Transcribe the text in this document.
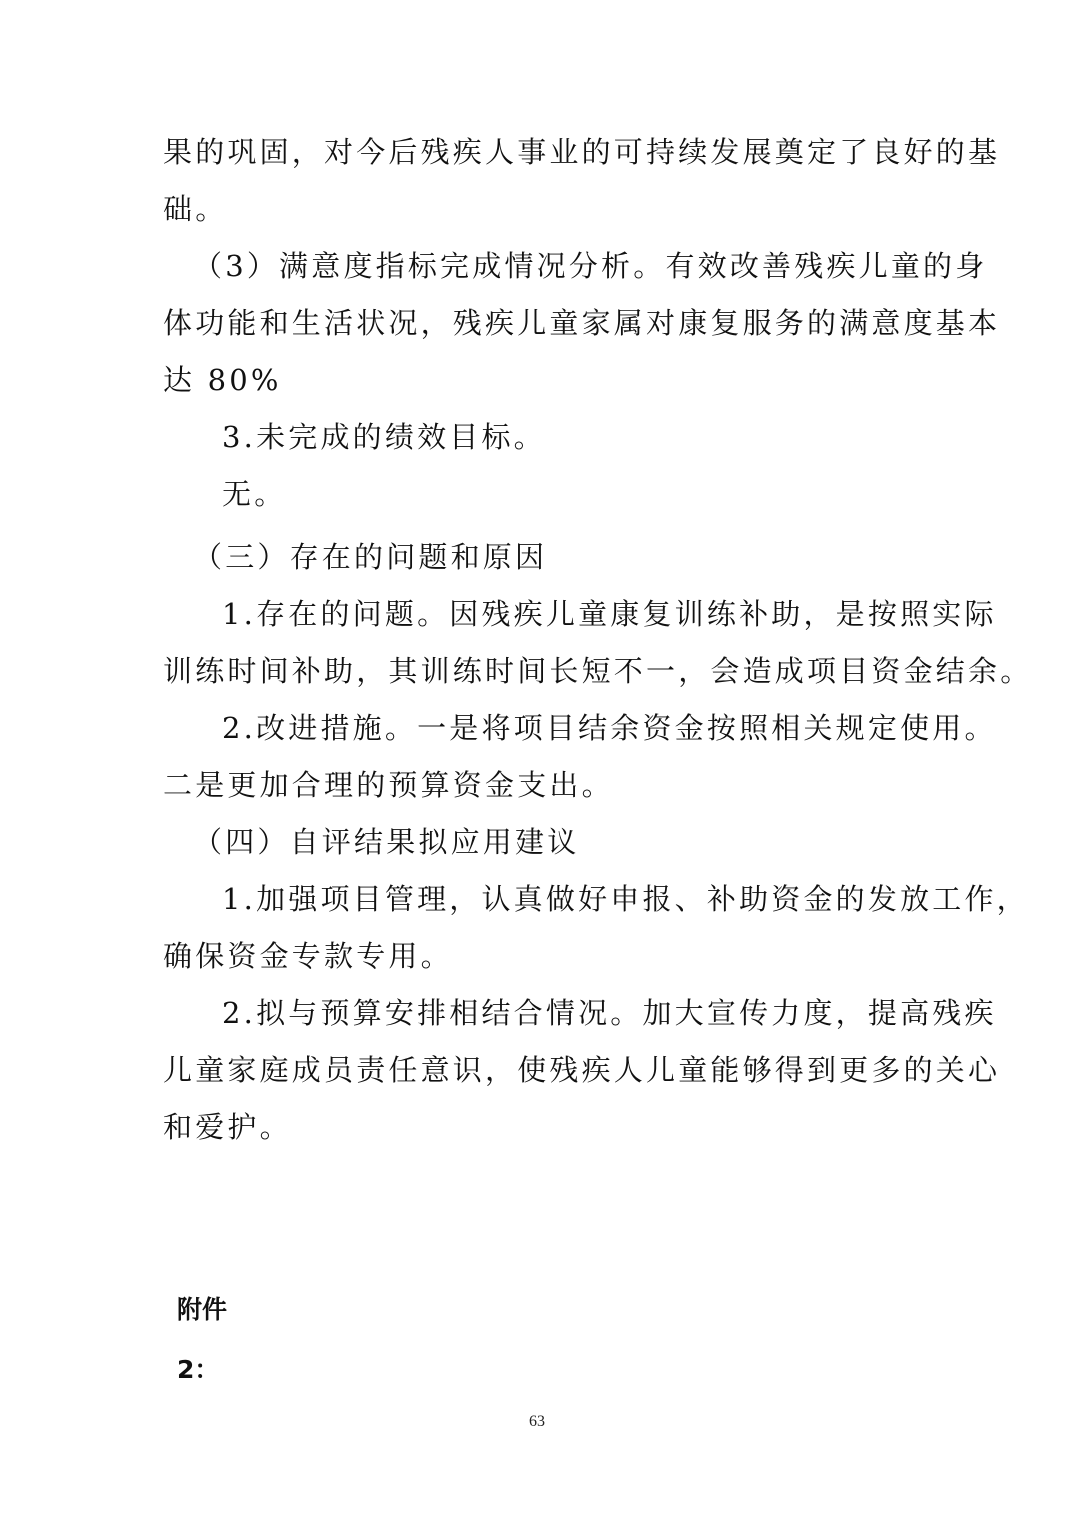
果的巩固，对今后残疾人事业的可持续发展奠定了良好的基
础。
（3）满意度指标完成情况分析。有效改善残疾儿童的身
体功能和生活状况，残疾儿童家属对康复服务的满意度基本
达 80%
3.未完成的绩效目标。
无。
（三）存在的问题和原因
1.存在的问题。因残疾儿童康复训练补助，是按照实际
训练时间补助，其训练时间长短不一，会造成项目资金结余。
2.改进措施。一是将项目结余资金按照相关规定使用。
二是更加合理的预算资金支出。
（四）自评结果拟应用建议
1.加强项目管理，认真做好申报、补助资金的发放工作，
确保资金专款专用。
2.拟与预算安排相结合情况。加大宣传力度，提高残疾
儿童家庭成员责任意识，使残疾人儿童能够得到更多的关心
和爱护。
附件
2：
63
